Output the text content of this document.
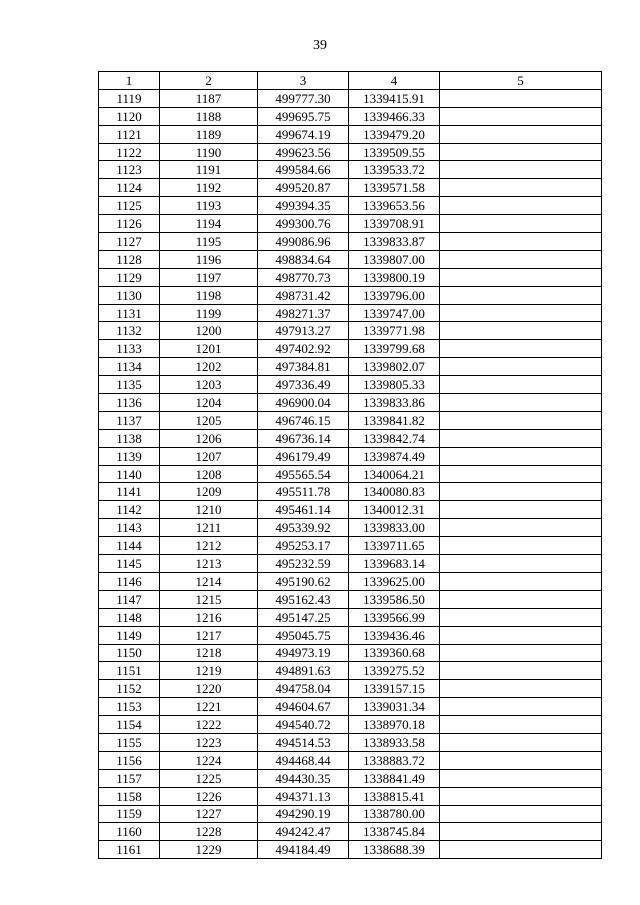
39
1	2	3	4	5
1119	1187	499777.30	1339415.91	
1120	1188	499695.75	1339466.33	
1121	1189	499674.19	1339479.20	
1122	1190	499623.56	1339509.55	
1123	1191	499584.66	1339533.72	
1124	1192	499520.87	1339571.58	
1125	1193	499394.35	1339653.56	
1126	1194	499300.76	1339708.91	
1127	1195	499086.96	1339833.87	
1128	1196	498834.64	1339807.00	
1129	1197	498770.73	1339800.19	
1130	1198	498731.42	1339796.00	
1131	1199	498271.37	1339747.00	
1132	1200	497913.27	1339771.98	
1133	1201	497402.92	1339799.68	
1134	1202	497384.81	1339802.07	
1135	1203	497336.49	1339805.33	
1136	1204	496900.04	1339833.86	
1137	1205	496746.15	1339841.82	
1138	1206	496736.14	1339842.74	
1139	1207	496179.49	1339874.49	
1140	1208	495565.54	1340064.21	
1141	1209	495511.78	1340080.83	
1142	1210	495461.14	1340012.31	
1143	1211	495339.92	1339833.00	
1144	1212	495253.17	1339711.65	
1145	1213	495232.59	1339683.14	
1146	1214	495190.62	1339625.00	
1147	1215	495162.43	1339586.50	
1148	1216	495147.25	1339566.99	
1149	1217	495045.75	1339436.46	
1150	1218	494973.19	1339360.68	
1151	1219	494891.63	1339275.52	
1152	1220	494758.04	1339157.15	
1153	1221	494604.67	1339031.34	
1154	1222	494540.72	1338970.18	
1155	1223	494514.53	1338933.58	
1156	1224	494468.44	1338883.72	
1157	1225	494430.35	1338841.49	
1158	1226	494371.13	1338815.41	
1159	1227	494290.19	1338780.00	
1160	1228	494242.47	1338745.84	
1161	1229	494184.49	1338688.39	
